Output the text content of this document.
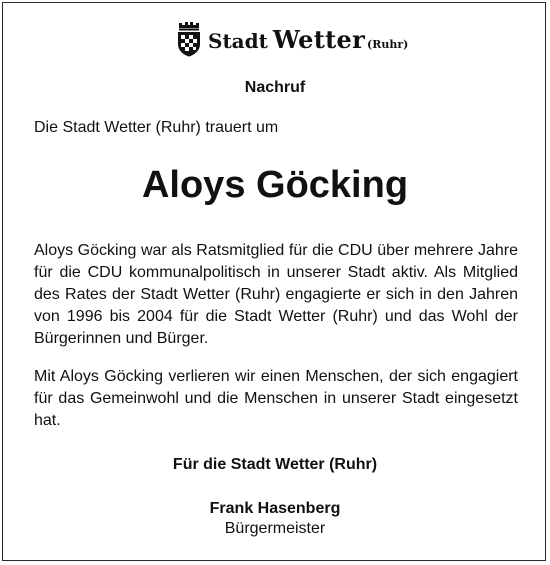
Stadt Wetter (Ruhr)
Nachruf
Die Stadt Wetter (Ruhr) trauert um
Aloys Göcking

Aloys Göcking war als Ratsmitglied für die CDU über mehrere Jahre für die CDU kommunalpolitisch in unserer Stadt aktiv. Als Mitglied des Rates der Stadt Wetter (Ruhr) engagierte er sich in den Jahren von 1996 bis 2004 für die Stadt Wetter (Ruhr) und das Wohl der Bürgerinnen und Bürger.

Mit Aloys Göcking verlieren wir einen Menschen, der sich engagiert für das Gemeinwohl und die Menschen in unserer Stadt eingesetzt hat.

Für die Stadt Wetter (Ruhr)
Frank Hasenberg
Bürgermeister
